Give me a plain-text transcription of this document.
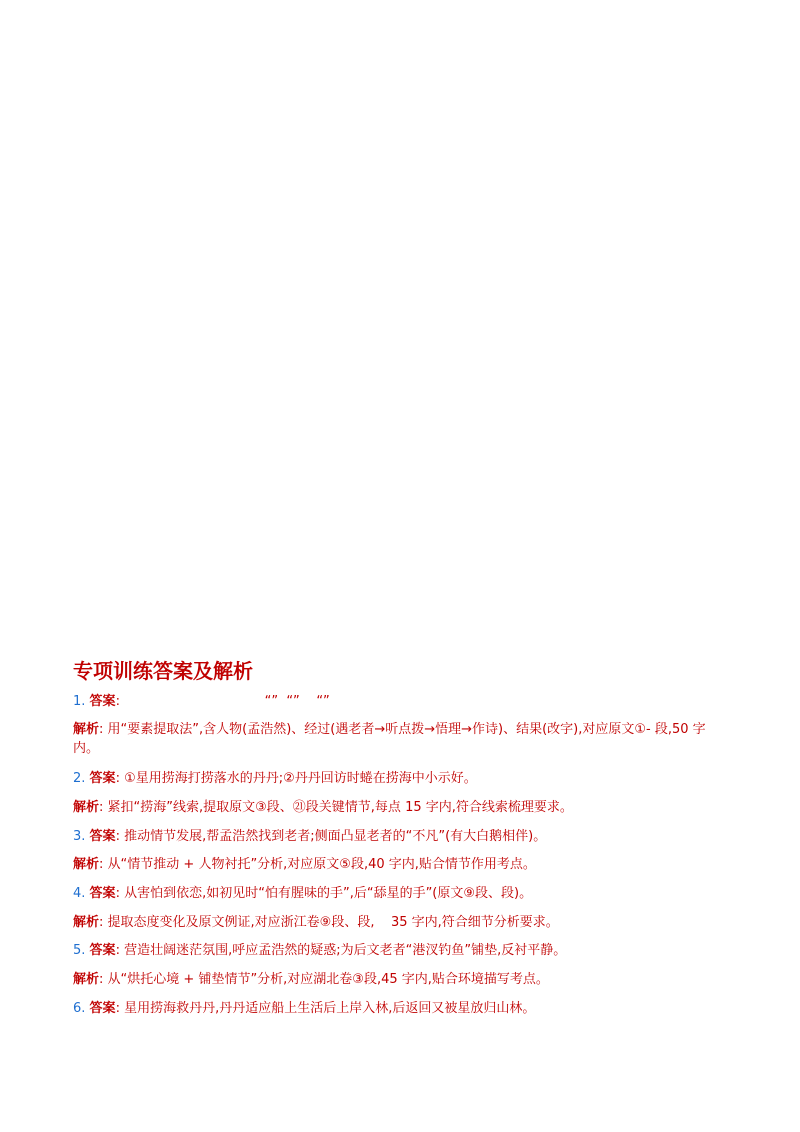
专项训练答案及解析
1. 答案:                                   “”  “”    “”
解析: 用“要素提取法”,含人物(孟浩然)、经过(遇老者→听点拨→悟理→作诗)、结果(改字),对应原文①- 段,50 字内。
2. 答案: ①星用捞海打捞落水的丹丹;②丹丹回访时蜷在捞海中小示好。
解析: 紧扣“捞海”线索,提取原文③段、㉑段关键情节,每点 15 字内,符合线索梳理要求。
3. 答案: 推动情节发展,帮孟浩然找到老者;侧面凸显老者的“不凡”(有大白鹅相伴)。
解析: 从“情节推动 + 人物衬托”分析,对应原文⑤段,40 字内,贴合情节作用考点。
4. 答案: 从害怕到依恋,如初见时“怕有腥味的手”,后“舔星的手”(原文⑨段、段)。
解析: 提取态度变化及原文例证,对应浙江卷⑨段、段,    35 字内,符合细节分析要求。
5. 答案: 营造壮阔迷茫氛围,呼应孟浩然的疑惑;为后文老者“港汊钓鱼”铺垫,反衬平静。
解析: 从“烘托心境 + 铺垫情节”分析,对应湖北卷③段,45 字内,贴合环境描写考点。
6. 答案: 星用捞海救丹丹,丹丹适应船上生活后上岸入林,后返回又被星放归山林。
